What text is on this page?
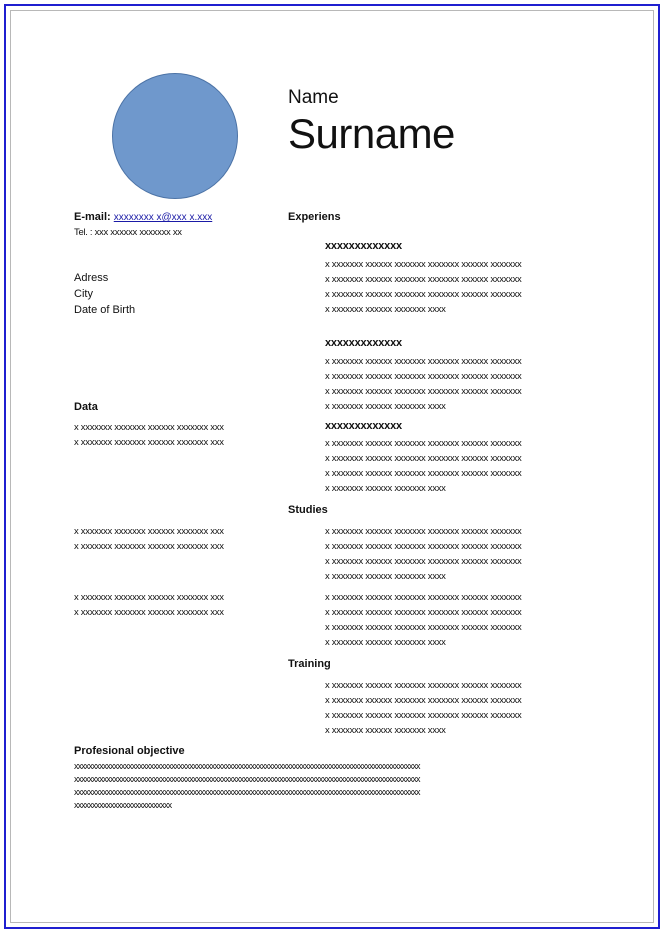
Name
Surname
E-mail: xxxxxxxx x@xxx x.xxx
Tel. : xxx xxxxxx xxxxxxx xx
Adress
City
Date of Birth
Data
x xxxxxxx xxxxxxx xxxxxx xxxxxxx xxx
x xxxxxxx xxxxxxx xxxxxx xxxxxxx xxx
x xxxxxxx xxxxxxx xxxxxx xxxxxxx xxx
x xxxxxxx xxxxxxx xxxxxx xxxxxxx xxx
x xxxxxxx xxxxxxx xxxxxx xxxxxxx xxx
x xxxxxxx xxxxxxx xxxxxx xxxxxxx xxx
Experiens
xxxxxxxxxxxxx
x xxxxxxx xxxxxx xxxxxxx xxxxxxx xxxxxx xxxxxxx
x xxxxxxx xxxxxx xxxxxxx xxxxxxx xxxxxx xxxxxxx
x xxxxxxx xxxxxx xxxxxxx xxxxxxx xxxxxx xxxxxxx
x xxxxxxx xxxxxx xxxxxxx xxxx
xxxxxxxxxxxxx
x xxxxxxx xxxxxx xxxxxxx xxxxxxx xxxxxx xxxxxxx
x xxxxxxx xxxxxx xxxxxxx xxxxxxx xxxxxx xxxxxxx
x xxxxxxx xxxxxx xxxxxxx xxxxxxx xxxxxx xxxxxxx
x xxxxxxx xxxxxx xxxxxxx xxxx
xxxxxxxxxxxxx
x xxxxxxx xxxxxx xxxxxxx xxxxxxx xxxxxx xxxxxxx
x xxxxxxx xxxxxx xxxxxxx xxxxxxx xxxxxx xxxxxxx
x xxxxxxx xxxxxx xxxxxxx xxxxxxx xxxxxx xxxxxxx
x xxxxxxx xxxxxx xxxxxxx xxxx
Studies
x xxxxxxx xxxxxx xxxxxxx xxxxxxx xxxxxx xxxxxxx
x xxxxxxx xxxxxx xxxxxxx xxxxxxx xxxxxx xxxxxxx
x xxxxxxx xxxxxx xxxxxxx xxxxxxx xxxxxx xxxxxxx
x xxxxxxx xxxxxx xxxxxxx xxxx
x xxxxxxx xxxxxx xxxxxxx xxxxxxx xxxxxx xxxxxxx
x xxxxxxx xxxxxx xxxxxxx xxxxxxx xxxxxx xxxxxxx
x xxxxxxx xxxxxx xxxxxxx xxxxxxx xxxxxx xxxxxxx
x xxxxxxx xxxxxx xxxxxxx xxxx
Training
x xxxxxxx xxxxxx xxxxxxx xxxxxxx xxxxxx xxxxxxx
x xxxxxxx xxxxxx xxxxxxx xxxxxxx xxxxxx xxxxxxx
x xxxxxxx xxxxxx xxxxxxx xxxxxxx xxxxxx xxxxxxx
x xxxxxxx xxxxxx xxxxxxx xxxx
Profesional objective
xxxxxxxxxxxxxxxxxxxxxxxxxxxxxxxxxxxxxxxxxxxxxxxxxxxxxxxxxxxxxxxxxxxxxxxxxxxxxxxxxxxxxxxxxxxxxxxx
xxxxxxxxxxxxxxxxxxxxxxxxxxxxxxxxxxxxxxxxxxxxxxxxxxxxxxxxxxxxxxxxxxxxxxxxxxxxxxxxxxxxxxxxxxxxxxxx
xxxxxxxxxxxxxxxxxxxxxxxxxxxxxxxxxxxxxxxxxxxxxxxxxxxxxxxxxxxxxxxxxxxxxxxxxxxxxxxxxxxxxxxxxxxxxxxx
xxxxxxxxxxxxxxxxxxxxxxxxxxx
